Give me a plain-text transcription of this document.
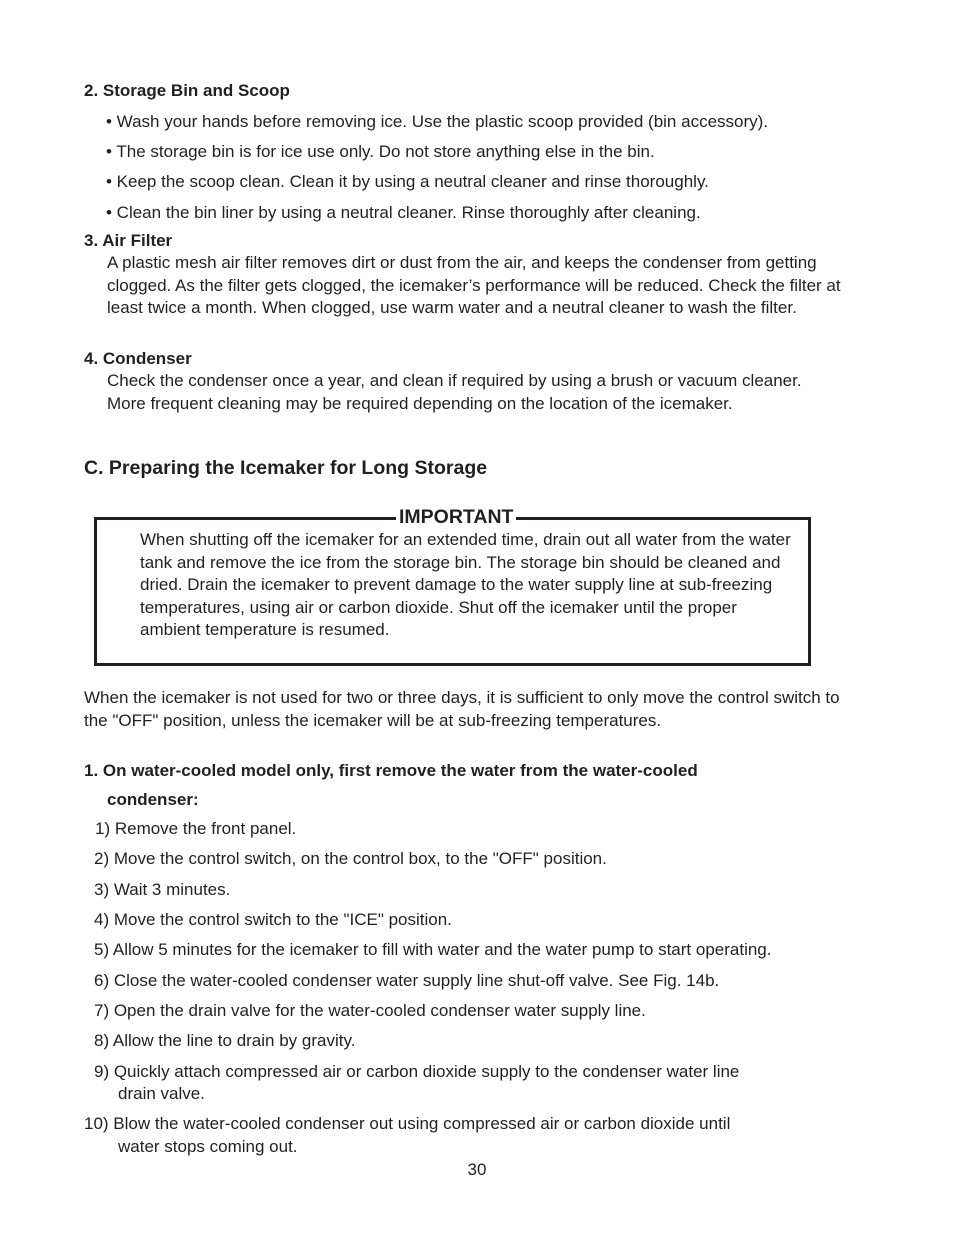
2. Storage Bin and Scoop

• Wash your hands before removing ice. Use the plastic scoop provided (bin accessory).

• The storage bin is for ice use only. Do not store anything else in the bin.

• Keep the scoop clean. Clean it by using a neutral cleaner and rinse thoroughly.

• Clean the bin liner by using a neutral cleaner. Rinse thoroughly after cleaning.

3. Air Filter

A plastic mesh air filter removes dirt or dust from the air, and keeps the condenser from getting clogged. As the filter gets clogged, the icemaker’s performance will be reduced. Check the filter at least twice a month. When clogged, use warm water and a neutral cleaner to wash the filter.

4. Condenser

Check the condenser once a year, and clean if required by using a brush or vacuum cleaner. More frequent cleaning may be required depending on the location of the icemaker.

C. Preparing the Icemaker for Long Storage

IMPORTANT

When shutting off the icemaker for an extended time, drain out all water from the water tank and remove the ice from the storage bin. The storage bin should be cleaned and dried. Drain the icemaker to prevent damage to the water supply line at sub-freezing temperatures, using air or carbon dioxide. Shut off the icemaker until the proper ambient temperature is resumed.

When the icemaker is not used for two or three days, it is sufficient to only move the control switch to the "OFF" position, unless the icemaker will be at sub-freezing temperatures.

1. On water-cooled model only, first remove the water from the water-cooled

condenser:

1) Remove the front panel.

2) Move the control switch, on the control box, to the "OFF" position.

3) Wait 3 minutes.

4) Move the control switch to the "ICE" position.

5) Allow 5 minutes for the icemaker to fill with water and the water pump to start operating.

6) Close the water-cooled condenser water supply line shut-off valve. See Fig. 14b.

7) Open the drain valve for the water-cooled condenser water supply line.

8) Allow the line to drain by gravity.

9) Quickly attach compressed air or carbon dioxide supply to the condenser water line

drain valve.

10) Blow the water-cooled condenser out using compressed air or carbon dioxide until

water stops coming out.

30
